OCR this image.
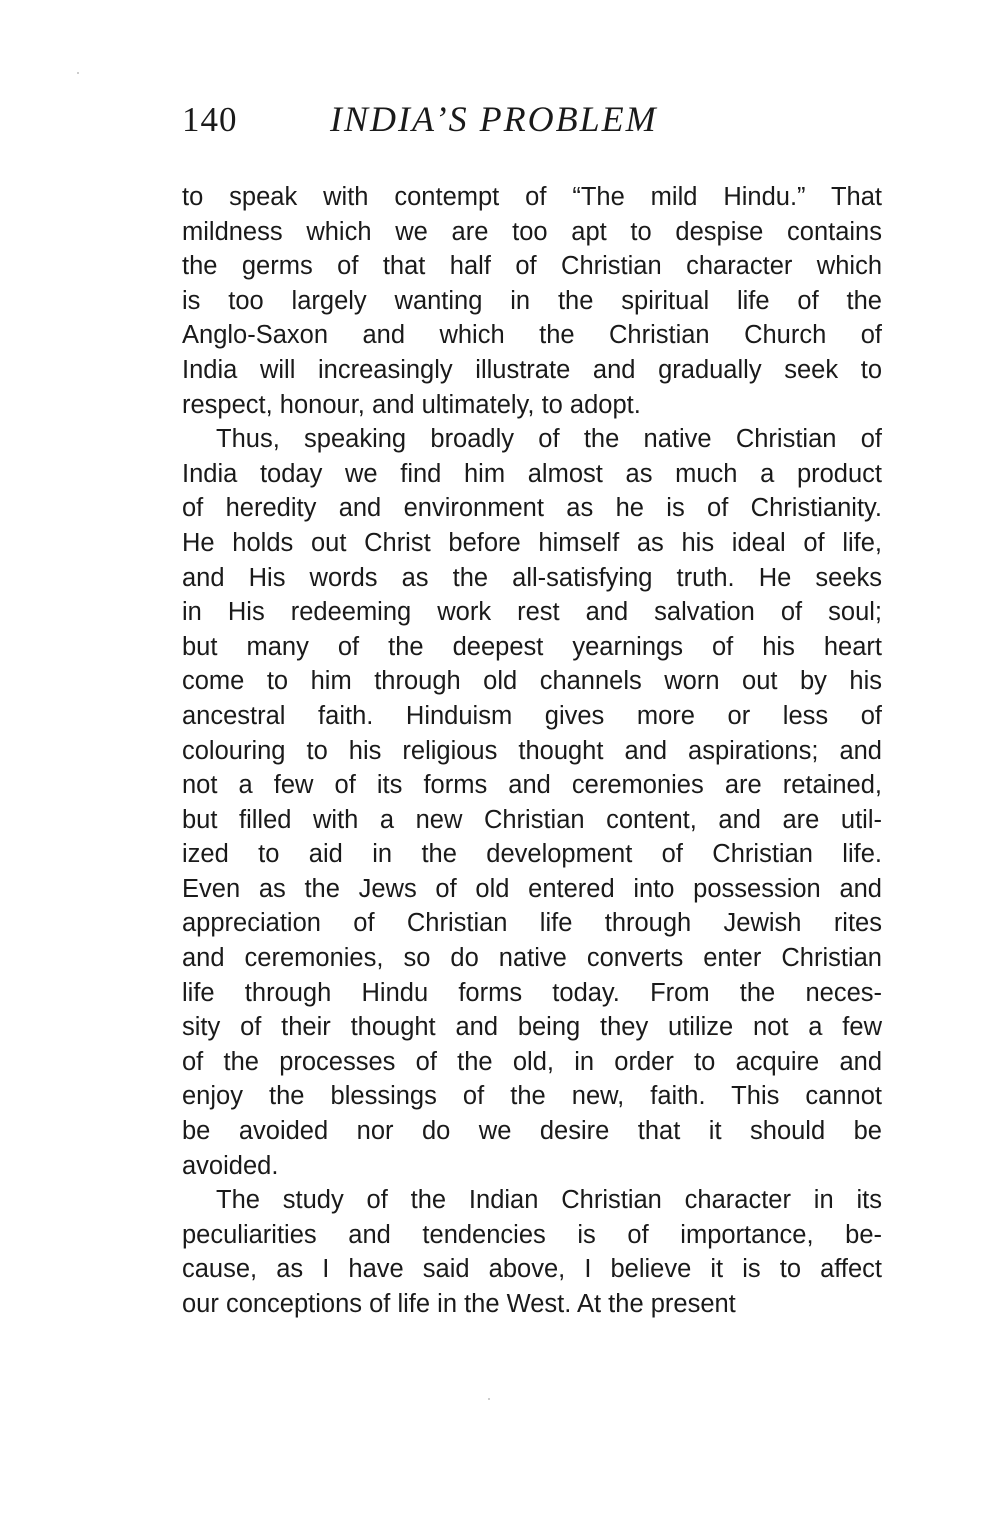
140	INDIA’S PROBLEM

to speak with contempt of “The mild Hindu.” That
mildness which we are too apt to despise contains
the germs of that half of Christian character which
is too largely wanting in the spiritual life of the
Anglo-Saxon and which the Christian Church of
India will increasingly illustrate and gradually seek to
respect, honour, and ultimately, to adopt.

Thus, speaking broadly of the native Christian of
India today we find him almost as much a product
of heredity and environment as he is of Christianity.
He holds out Christ before himself as his ideal of life,
and His words as the all-satisfying truth. He seeks
in His redeeming work rest and salvation of soul;
but many of the deepest yearnings of his heart
come to him through old channels worn out by his
ancestral faith. Hinduism gives more or less of
colouring to his religious thought and aspirations; and
not a few of its forms and ceremonies are retained,
but filled with a new Christian content, and are util-
ized to aid in the development of Christian life.
Even as the Jews of old entered into possession and
appreciation of Christian life through Jewish rites
and ceremonies, so do native converts enter Christian
life through Hindu forms today. From the neces-
sity of their thought and being they utilize not a few
of the processes of the old, in order to acquire and
enjoy the blessings of the new, faith. This cannot
be avoided nor do we desire that it should be
avoided.

The study of the Indian Christian character in its
peculiarities and tendencies is of importance, be-
cause, as I have said above, I believe it is to affect
our conceptions of life in the West. At the present
